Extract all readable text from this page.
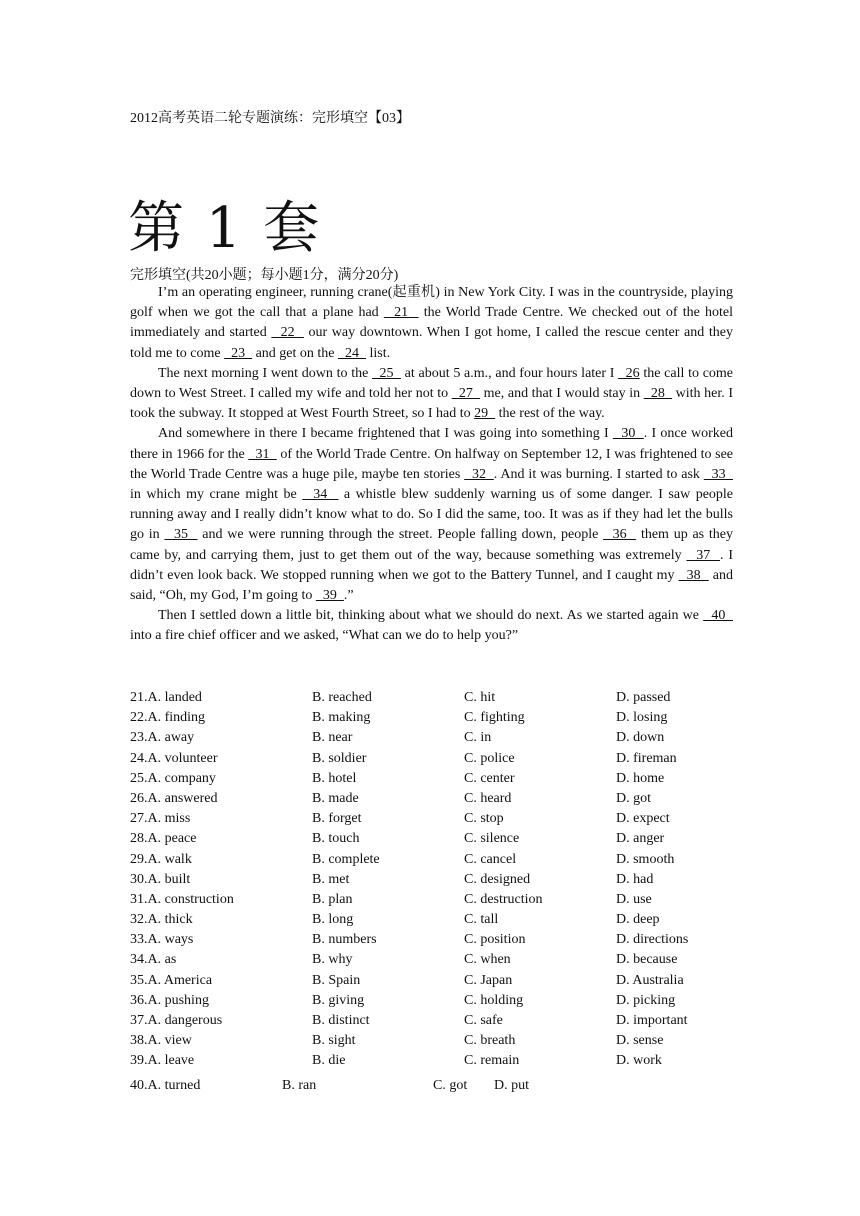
2012高考英语二轮专题演练：完形填空【03】
第 1 套
完形填空(共20小题；每小题1分，满分20分)

I’m an operating engineer, running crane(起重机) in New York City. I was in the countryside, playing golf when we got the call that a plane had   21   the World Trade Centre. We checked out of the hotel immediately and started   22   our way downtown. When I got home, I called the rescue center and they told me to come   23   and get on the   24   list.

The next morning I went down to the   25   at about 5 a.m., and four hours later I   26 the call to come down to West Street. I called my wife and told her not to   27   me, and that I would stay in   28   with her. I took the subway. It stopped at West Fourth Street, so I had to 29   the rest of the way.

And somewhere in there I became frightened that I was going into something I   30  . I once worked there in 1966 for the   31   of the World Trade Centre. On halfway on September 12, I was frightened to see the World Trade Centre was a huge pile, maybe ten stories   32  . And it was burning. I started to ask   33   in which my crane might be   34   a whistle blew suddenly warning us of some danger. I saw people running away and I really didn’t know what to do. So I did the same, too. It was as if they had let the bulls go in   35   and we were running through the street. People falling down, people   36   them up as they came by, and carrying them, just to get them out of the way, because something was extremely   37  . I didn’t even look back. We stopped running when we got to the Battery Tunnel, and I caught my   38   and said, “Oh, my God, I’m going to   39  .”

Then I settled down a little bit, thinking about what we should do next. As we started again we   40   into a fire chief officer and we asked, “What can we do to help you?”

21.A. landed	B. reached	C. hit	D. passed
22.A. finding	B. making	C. fighting	D. losing
23.A. away	B. near	C. in	D. down
24.A. volunteer	B. soldier	C. police	D. fireman
25.A. company	B. hotel	C. center	D. home
26.A. answered	B. made	C. heard	D. got
27.A. miss	B. forget	C. stop	D. expect
28.A. peace	B. touch	C. silence	D. anger
29.A. walk	B. complete	C. cancel	D. smooth
30.A. built	B. met	C. designed	D. had
31.A. construction	B. plan	C. destruction	D. use
32.A. thick	B. long	C. tall	D. deep
33.A. ways	B. numbers	C. position	D. directions
34.A. as	B. why	C. when	D. because
35.A. America	B. Spain	C. Japan	D. Australia
36.A. pushing	B. giving	C. holding	D. picking
37.A. dangerous	B. distinct	C. safe	D. important
38.A. view	B. sight	C. breath	D. sense
39.A. leave	B. die	C. remain	D. work
40.A. turned	B. ran	C. got D. put
